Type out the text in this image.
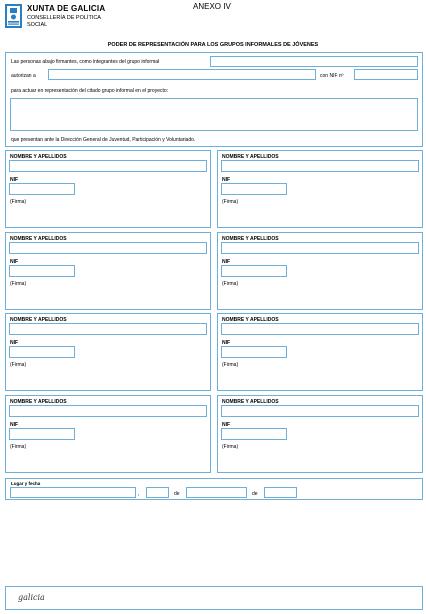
XUNTA DE GALICIA
CONSELLERÍA DE POLÍTICA
SOCIAL
ANEXO IV
PODER DE REPRESENTACIÓN PARA LOS GRUPOS INFORMALES DE JÓVENES
Las personas abajo firmantes, como integrantes del grupo informal
autorizan a	con NIF nº
para actuar en representación del citado grupo informal en el proyecto:
que presentan ante la Dirección General de Juventud, Participación y Voluntariado.
NOMBRE Y APELLIDOS
NIF
(Firma)
NOMBRE Y APELLIDOS
NIF
(Firma)
NOMBRE Y APELLIDOS
NIF
(Firma)
NOMBRE Y APELLIDOS
NIF
(Firma)
NOMBRE Y APELLIDOS
NIF
(Firma)
NOMBRE Y APELLIDOS
NIF
(Firma)
NOMBRE Y APELLIDOS
NIF
(Firma)
NOMBRE Y APELLIDOS
NIF
(Firma)
Lugar y fecha
,	de	de
galicia
